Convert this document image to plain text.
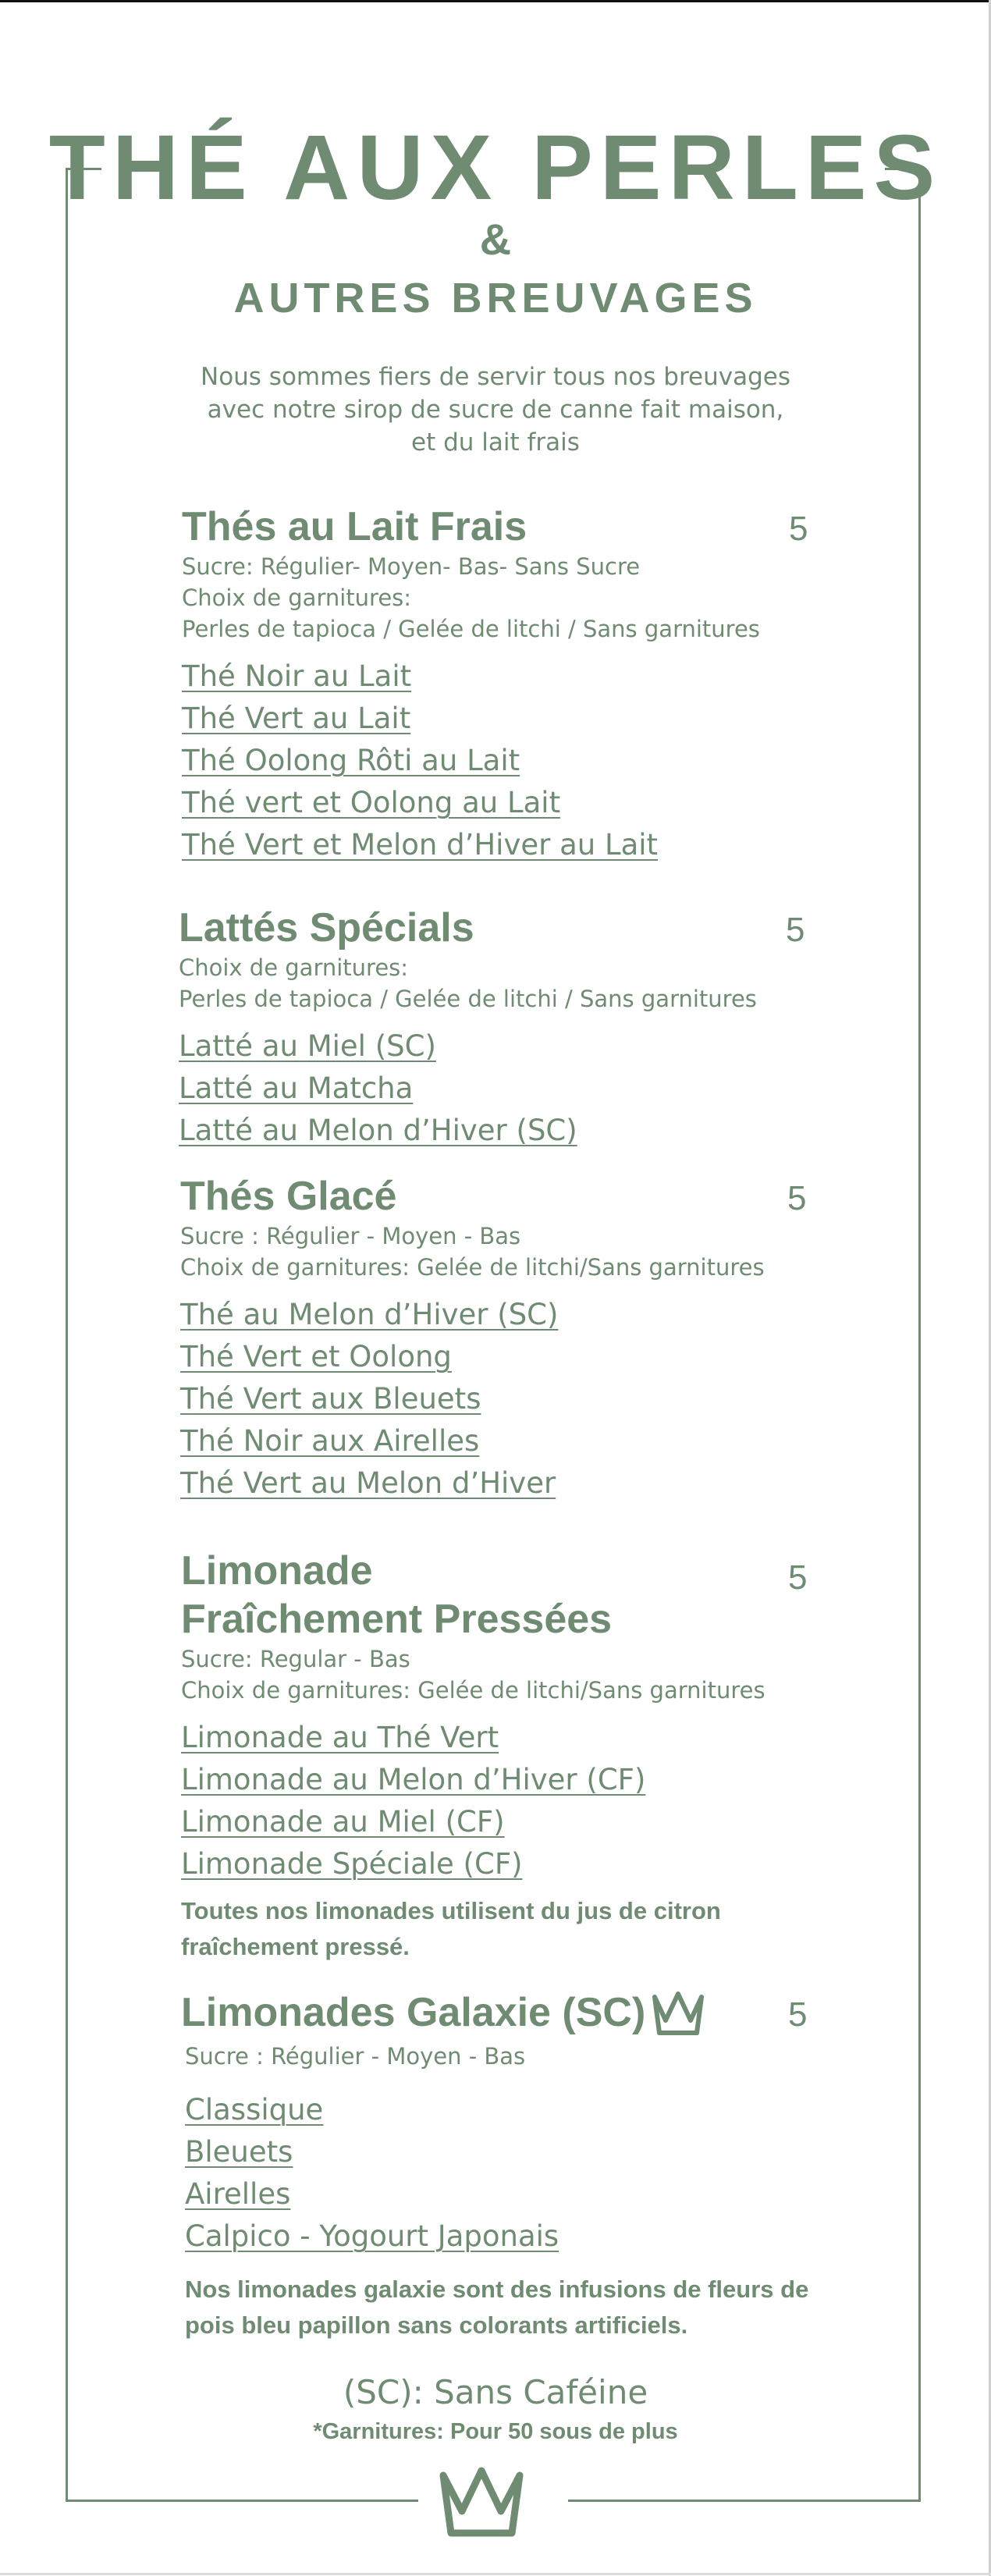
THÉ AUX PERLES
&
AUTRES BREUVAGES
Nous sommes fiers de servir tous nos breuvages
avec notre sirop de sucre de canne fait maison,
et du lait frais
Thés au Lait Frais	5
Sucre: Régulier- Moyen- Bas- Sans Sucre
Choix de garnitures:
Perles de tapioca / Gelée de litchi / Sans garnitures
Thé Noir au Lait
Thé Vert au Lait
Thé Oolong Rôti au Lait
Thé vert et Oolong au Lait
Thé Vert et Melon d’Hiver au Lait
Lattés Spécials	5
Choix de garnitures:
Perles de tapioca / Gelée de litchi / Sans garnitures
Latté au Miel (SC)
Latté au Matcha
Latté au Melon d’Hiver (SC)
Thés Glacé	5
Sucre : Régulier - Moyen - Bas
Choix de garnitures: Gelée de litchi/Sans garnitures
Thé au Melon d’Hiver (SC)
Thé Vert et Oolong
Thé Vert aux Bleuets
Thé Noir aux Airelles
Thé Vert au Melon d’Hiver
Limonade
Fraîchement Pressées
5
Sucre: Regular - Bas
Choix de garnitures: Gelée de litchi/Sans garnitures
Limonade au Thé Vert
Limonade au Melon d’Hiver (CF)
Limonade au Miel (CF)
Limonade Spéciale (CF)
Toutes nos limonades utilisent du jus de citron
fraîchement pressé.
Limonades Galaxie (SC)	5
Sucre : Régulier - Moyen - Bas
Classique
Bleuets
Airelles
Calpico - Yogourt Japonais
Nos limonades galaxie sont des infusions de fleurs de
pois bleu papillon sans colorants artificiels.
(SC): Sans Caféine
*Garnitures: Pour 50 sous de plus
